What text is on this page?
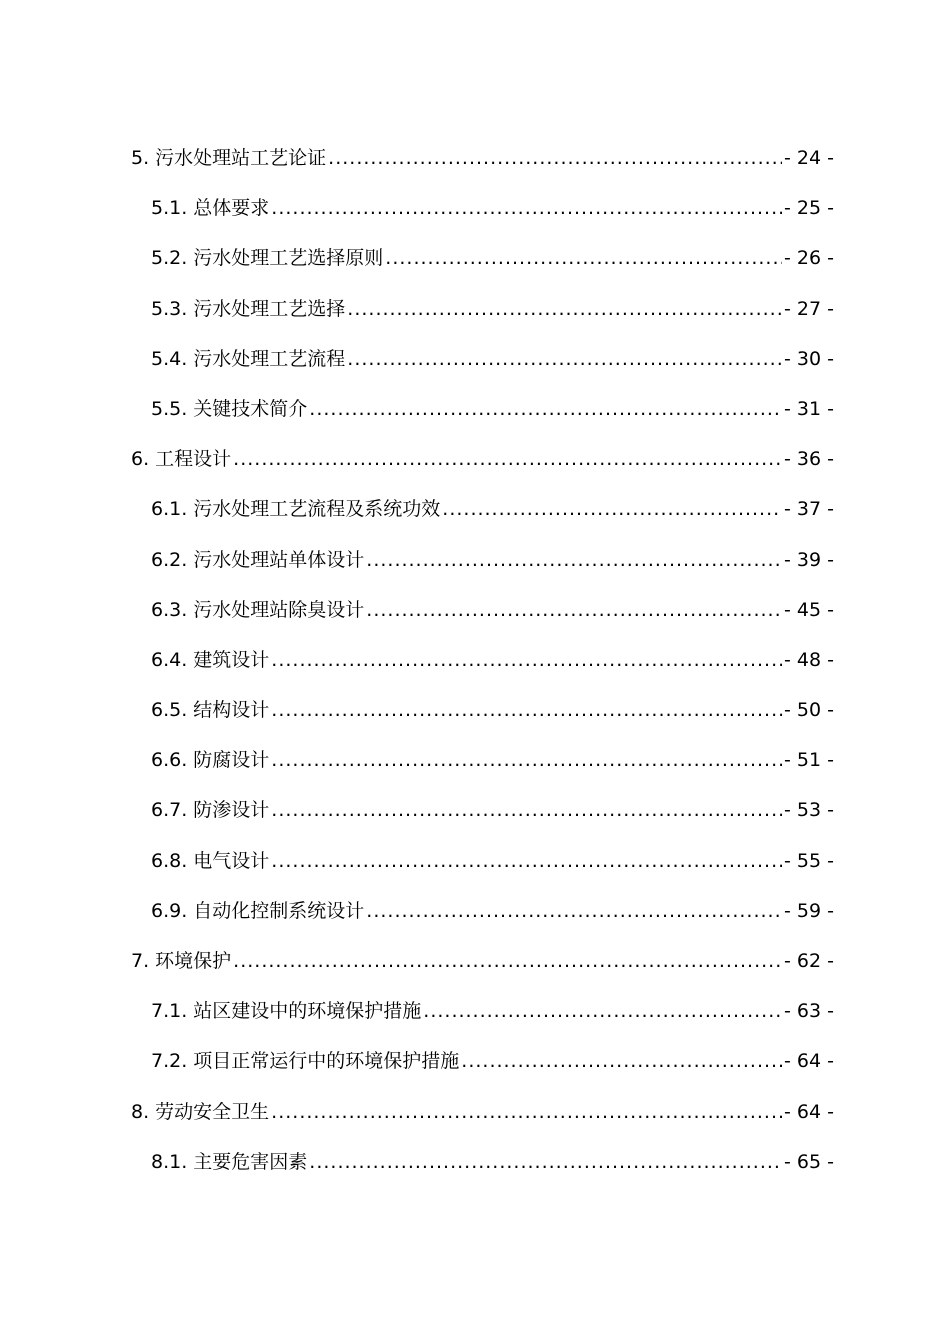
5. 污水处理站工艺论证 .....	- 24 -
5.1. 总体要求 .....	- 25 -
5.2. 污水处理工艺选择原则 .....	- 26 -
5.3. 污水处理工艺选择 .....	- 27 -
5.4. 污水处理工艺流程 .....	- 30 -
5.5. 关键技术简介 .....	- 31 -
6. 工程设计 .....	- 36 -
6.1. 污水处理工艺流程及系统功效 .....	- 37 -
6.2. 污水处理站单体设计 .....	- 39 -
6.3. 污水处理站除臭设计 .....	- 45 -
6.4. 建筑设计 .....	- 48 -
6.5. 结构设计 .....	- 50 -
6.6. 防腐设计 .....	- 51 -
6.7. 防渗设计 .....	- 53 -
6.8. 电气设计 .....	- 55 -
6.9. 自动化控制系统设计 .....	- 59 -
7. 环境保护 .....	- 62 -
7.1. 站区建设中的环境保护措施 .....	- 63 -
7.2. 项目正常运行中的环境保护措施 .....	- 64 -
8. 劳动安全卫生 .....	- 64 -
8.1. 主要危害因素 .....	- 65 -
